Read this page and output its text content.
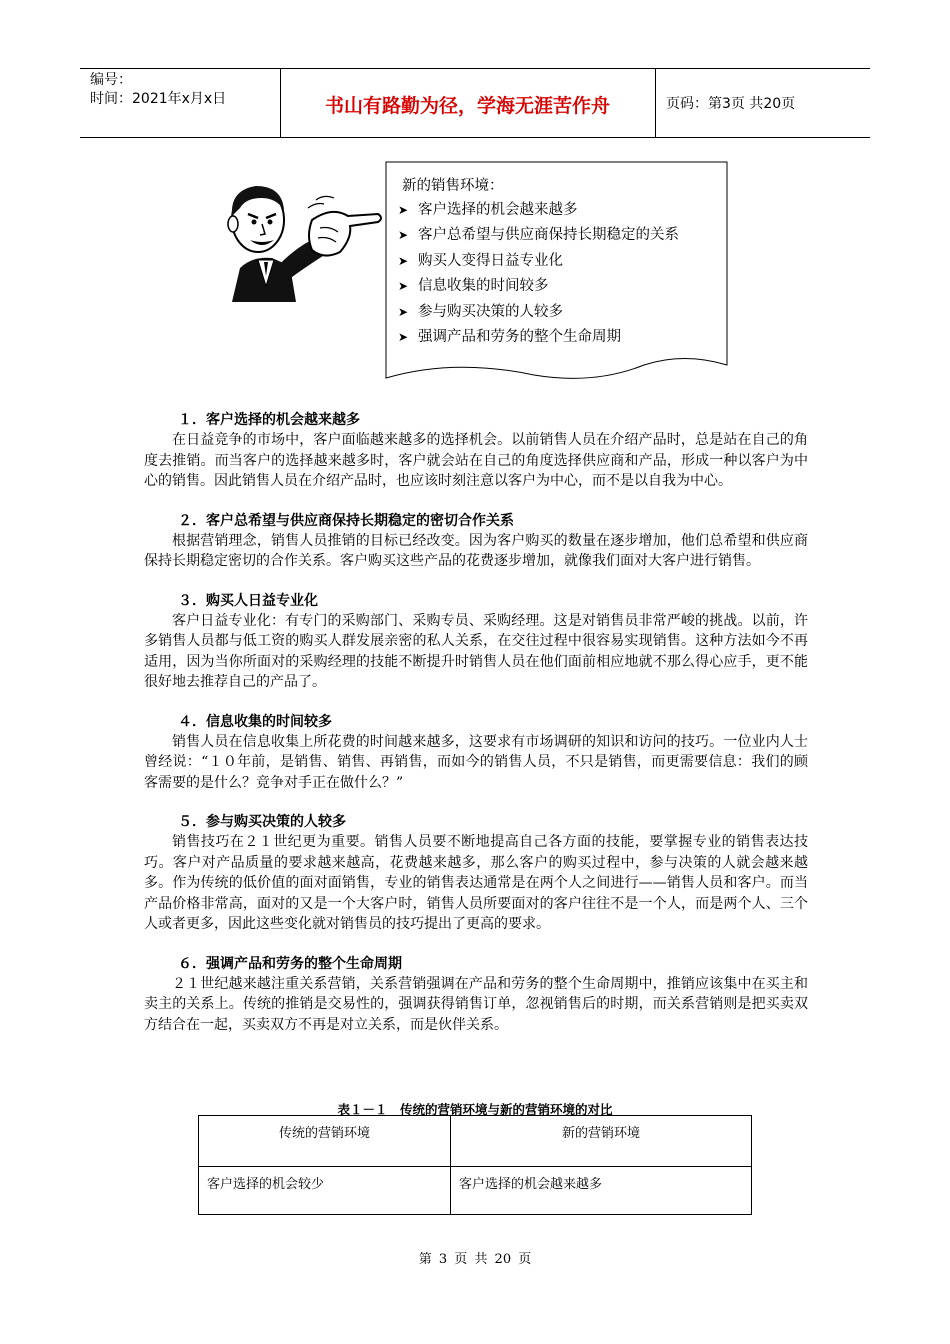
编号：
时间：2021年x月x日	书山有路勤为径，学海无涯苦作舟	页码：第3页 共20页
新的销售环境：
➤ 客户选择的机会越来越多
➤ 客户总希望与供应商保持长期稳定的关系
➤ 购买人变得日益专业化
➤ 信息收集的时间较多
➤ 参与购买决策的人较多
➤ 强调产品和劳务的整个生命周期
１．客户选择的机会越来越多

在日益竞争的市场中，客户面临越来越多的选择机会。以前销售人员在介绍产品时，总是站在自己的角度去推销。而当客户的选择越来越多时，客户就会站在自己的角度选择供应商和产品，形成一种以客户为中心的销售。因此销售人员在介绍产品时，也应该时刻注意以客户为中心，而不是以自我为中心。

２．客户总希望与供应商保持长期稳定的密切合作关系

根据营销理念，销售人员推销的目标已经改变。因为客户购买的数量在逐步增加，他们总希望和供应商保持长期稳定密切的合作关系。客户购买这些产品的花费逐步增加，就像我们面对大客户进行销售。

３．购买人日益专业化

客户日益专业化：有专门的采购部门、采购专员、采购经理。这是对销售员非常严峻的挑战。以前，许多销售人员都与低工资的购买人群发展亲密的私人关系，在交往过程中很容易实现销售。这种方法如今不再适用，因为当你所面对的采购经理的技能不断提升时销售人员在他们面前相应地就不那么得心应手，更不能很好地去推荐自己的产品了。

４．信息收集的时间较多

销售人员在信息收集上所花费的时间越来越多，这要求有市场调研的知识和访问的技巧。一位业内人士曾经说：“１０年前，是销售、销售、再销售，而如今的销售人员，不只是销售，而更需要信息：我们的顾客需要的是什么？竞争对手正在做什么？”

５．参与购买决策的人较多

销售技巧在２１世纪更为重要。销售人员要不断地提高自己各方面的技能，要掌握专业的销售表达技巧。客户对产品质量的要求越来越高，花费越来越多，那么客户的购买过程中，参与决策的人就会越来越多。作为传统的低价值的面对面销售，专业的销售表达通常是在两个人之间进行——销售人员和客户。而当产品价格非常高，面对的又是一个大客户时，销售人员所要面对的客户往往不是一个人，而是两个人、三个人或者更多，因此这些变化就对销售员的技巧提出了更高的要求。

６．强调产品和劳务的整个生命周期

２１世纪越来越注重关系营销，关系营销强调在产品和劳务的整个生命周期中，推销应该集中在买主和卖主的关系上。传统的推销是交易性的，强调获得销售订单，忽视销售后的时期，而关系营销则是把买卖双方结合在一起，买卖双方不再是对立关系，而是伙伴关系。

表１－１　传统的营销环境与新的营销环境的对比
传统的营销环境	新的营销环境
客户选择的机会较少	客户选择的机会越来越多
第 3 页 共 20 页
